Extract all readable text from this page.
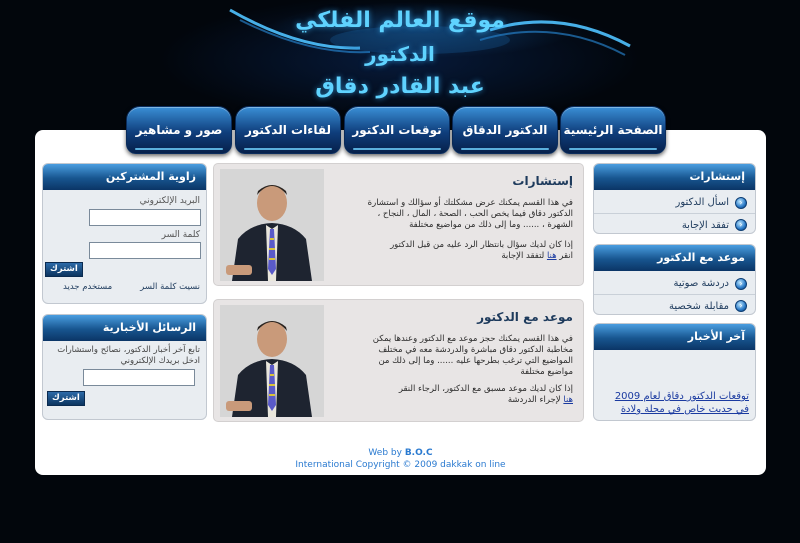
موقع العالم الفلكي
الدكتور
عبد القادر دقاق
الصفحة الرئيسية
الدكتور الدقاق
توقعات الدكتور
لقاءات الدكتور
صور و مشاهير
إستشارات
‹
اسأل الدكتور
‹
تفقد الإجابة
موعد مع الدكتور
‹
دردشة صوتية
‹
مقابلة شخصية
آخر الأخبار
توقعات الدكتور دقاق لعام 2009 في حديث خاص في مجلة ولادة
إستشارات
في هذا القسم يمكنك عرض مشكلتك أو سؤالك و استشارة الدكتور دقاق فيما يخص الحب ، الصحة ، المال ، النجاح ، الشهرة ، ...... وما إلى ذلك من مواضيع مختلفة
إذا كان لديك سؤال بانتظار الرد عليه من قبل الدكتور
انقر هنا لتفقد الإجابة
موعد مع الدكتور
في هذا القسم يمكنك حجز موعد مع الدكتور وعندها يمكن مخاطبة الدكتور دقاق مباشرة والدردشة معه في مختلف المواضيع التي ترغب بطرحها عليه ...... وما إلى ذلك من مواضيع مختلفة
إذا كان لديك موعد مسبق مع الدكتور، الرجاء النقر
هنا لإجراء الدردشة
زاوية المشتركين
البريد الإلكتروني
كلمة السر
اشترك
نسيت كلمة السر
مستخدم جديد
الرسائل الأخبارية
تابع آخر أخبار الدكتور، نصائح واستشارات ادخل بريدك الإلكتروني
اشترك
Web by B.O.C
International Copyright © 2009 dakkak on line
